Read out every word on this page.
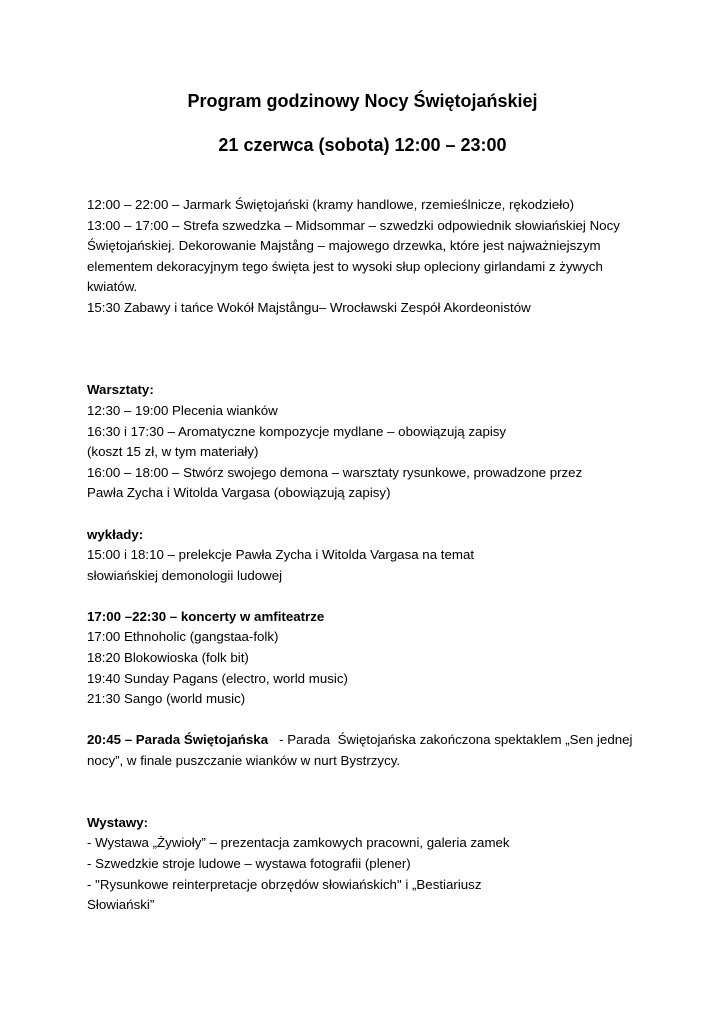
Program godzinowy Nocy Świętojańskiej
21 czerwca (sobota) 12:00 – 23:00
12:00 – 22:00 – Jarmark Świętojański (kramy handlowe, rzemieślnicze, rękodzieło)
13:00 – 17:00 – Strefa szwedzka – Midsommar – szwedzki odpowiednik słowiańskiej Nocy
Świętojańskiej. Dekorowanie Majstång – majowego drzewka, które jest najważniejszym
elementem dekoracyjnym tego święta jest to wysoki słup opleciony girlandami z żywych
kwiatów.
15:30 Zabawy i tańce Wokół Majstångu– Wrocławski Zespół Akordeonistów
Warsztaty:
12:30 – 19:00 Plecenia wianków
16:30 i 17:30 – Aromatyczne kompozycje mydlane – obowiązują zapisy
(koszt 15 zł, w tym materiały)
16:00 – 18:00 – Stwórz swojego demona – warsztaty rysunkowe, prowadzone przez
Pawła Zycha i Witolda Vargasa (obowiązują zapisy)
wykłady:
15:00 i 18:10 – prelekcje Pawła Zycha i Witolda Vargasa na temat
słowiańskiej demonologii ludowej
17:00 –22:30 – koncerty w amfiteatrze
17:00 Ethnoholic (gangstaa-folk)
18:20 Blokowioska (folk bit)
19:40 Sunday Pagans (electro, world music)
21:30 Sango (world music)
20:45 – Parada Świętojańska   - Parada  Świętojańska zakończona spektaklem „Sen jednej
nocy”, w finale puszczanie wianków w nurt Bystrzycy.
Wystawy:
- Wystawa „Żywioły” – prezentacja zamkowych pracowni, galeria zamek
- Szwedzkie stroje ludowe – wystawa fotografii (plener)
- "Rysunkowe reinterpretacje obrzędów słowiańskich" i „Bestiariusz
Słowiański”
